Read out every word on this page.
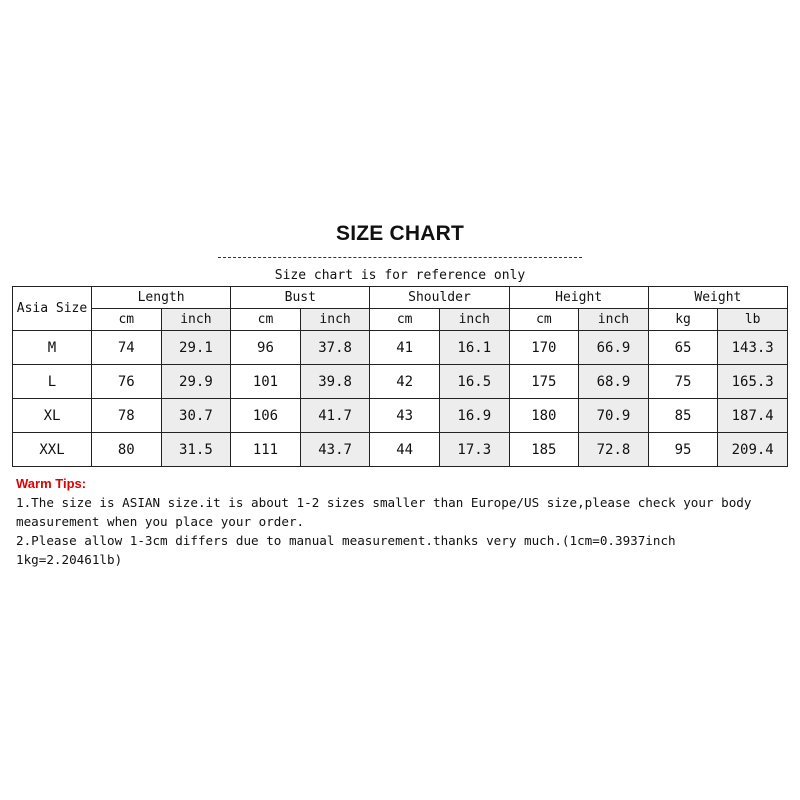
SIZE CHART
Size chart is for reference only
Asia Size	Length		Bust		Shoulder		Height		Weight	
	cm	inch	cm	inch	cm	inch	cm	inch	kg	lb
M	74	29.1	96	37.8	41	16.1	170	66.9	65	143.3
L	76	29.9	101	39.8	42	16.5	175	68.9	75	165.3
XL	78	30.7	106	41.7	43	16.9	180	70.9	85	187.4
XXL	80	31.5	111	43.7	44	17.3	185	72.8	95	209.4
Warm Tips:

1.The size is ASIAN size.it is about 1-2 sizes smaller than Europe/US size,please check your body measurement when you place your order.

2.Please allow 1-3cm differs due to manual measurement.thanks very much.(1cm=0.3937inch 1kg=2.20461lb)
